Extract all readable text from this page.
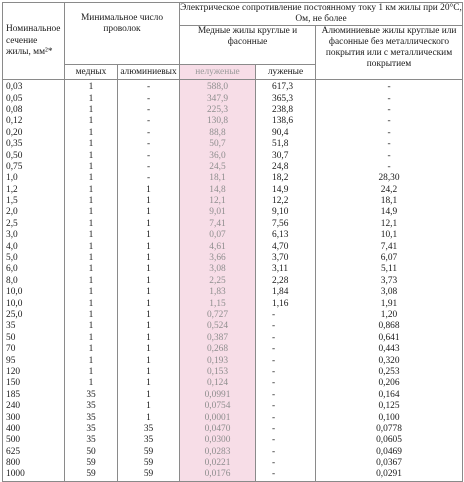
Номинальное сечение жилы, мм²*	Минимальное число проволок		Электрическое сопротивление постоянному току 1 км жилы при 20°С, Ом, не более		
			Медные жилы круглые и фасонные		Алюминиевые жилы круглые или фасонные без металлического покрытия или с металлическим покрытием
	медных	алюминиевых	нелуженые	луженые	
0,03	1	-	588,0	617,3	-
0,05	1	-	347,9	365,3	-
0,08	1	-	225,3	238,8	-
0,12	1	-	130,8	138,6	-
0,20	1	-	88,8	90,4	-
0,35	1	-	50,7	51,8	-
0,50	1	-	36,0	30,7	-
0,75	1	-	24,5	24,8	-
1,0	1	-	18,1	18,2	28,30
1,2	1	1	14,8	14,9	24,2
1,5	1	1	12,1	12,2	18,1
2,0	1	1	9,01	9,10	14,9
2,5	1	1	7,41	7,56	12,1
3,0	1	1	0,07	6,13	10,1
4,0	1	1	4,61	4,70	7,41
5,0	1	1	3,66	3,70	6,07
6,0	1	1	3,08	3,11	5,11
8,0	1	1	2,25	2,28	3,73
10,0	1	1	1,83	1,84	3,08
10,0	1	1	1,15	1,16	1,91
25,0	1	1	0,727	-	1,20
35	1	1	0,524	-	0,868
50	1	1	0,387	-	0,641
70	1	1	0,268	-	0,443
95	1	1	0,193	-	0,320
120	1	1	0,153	-	0,253
150	1	1	0,124	-	0,206
185	35	1	0,0991	-	0,164
240	35	1	0,0754	-	0,125
300	35	1	0,0001	-	0,100
400	35	35	0,0470	-	0,0778
500	35	35	0,0300	-	0,0605
625	50	59	0,0283	-	0,0469
800	59	59	0,0221	-	0,0367
1000	59	59	0,0176	-	0,0291
